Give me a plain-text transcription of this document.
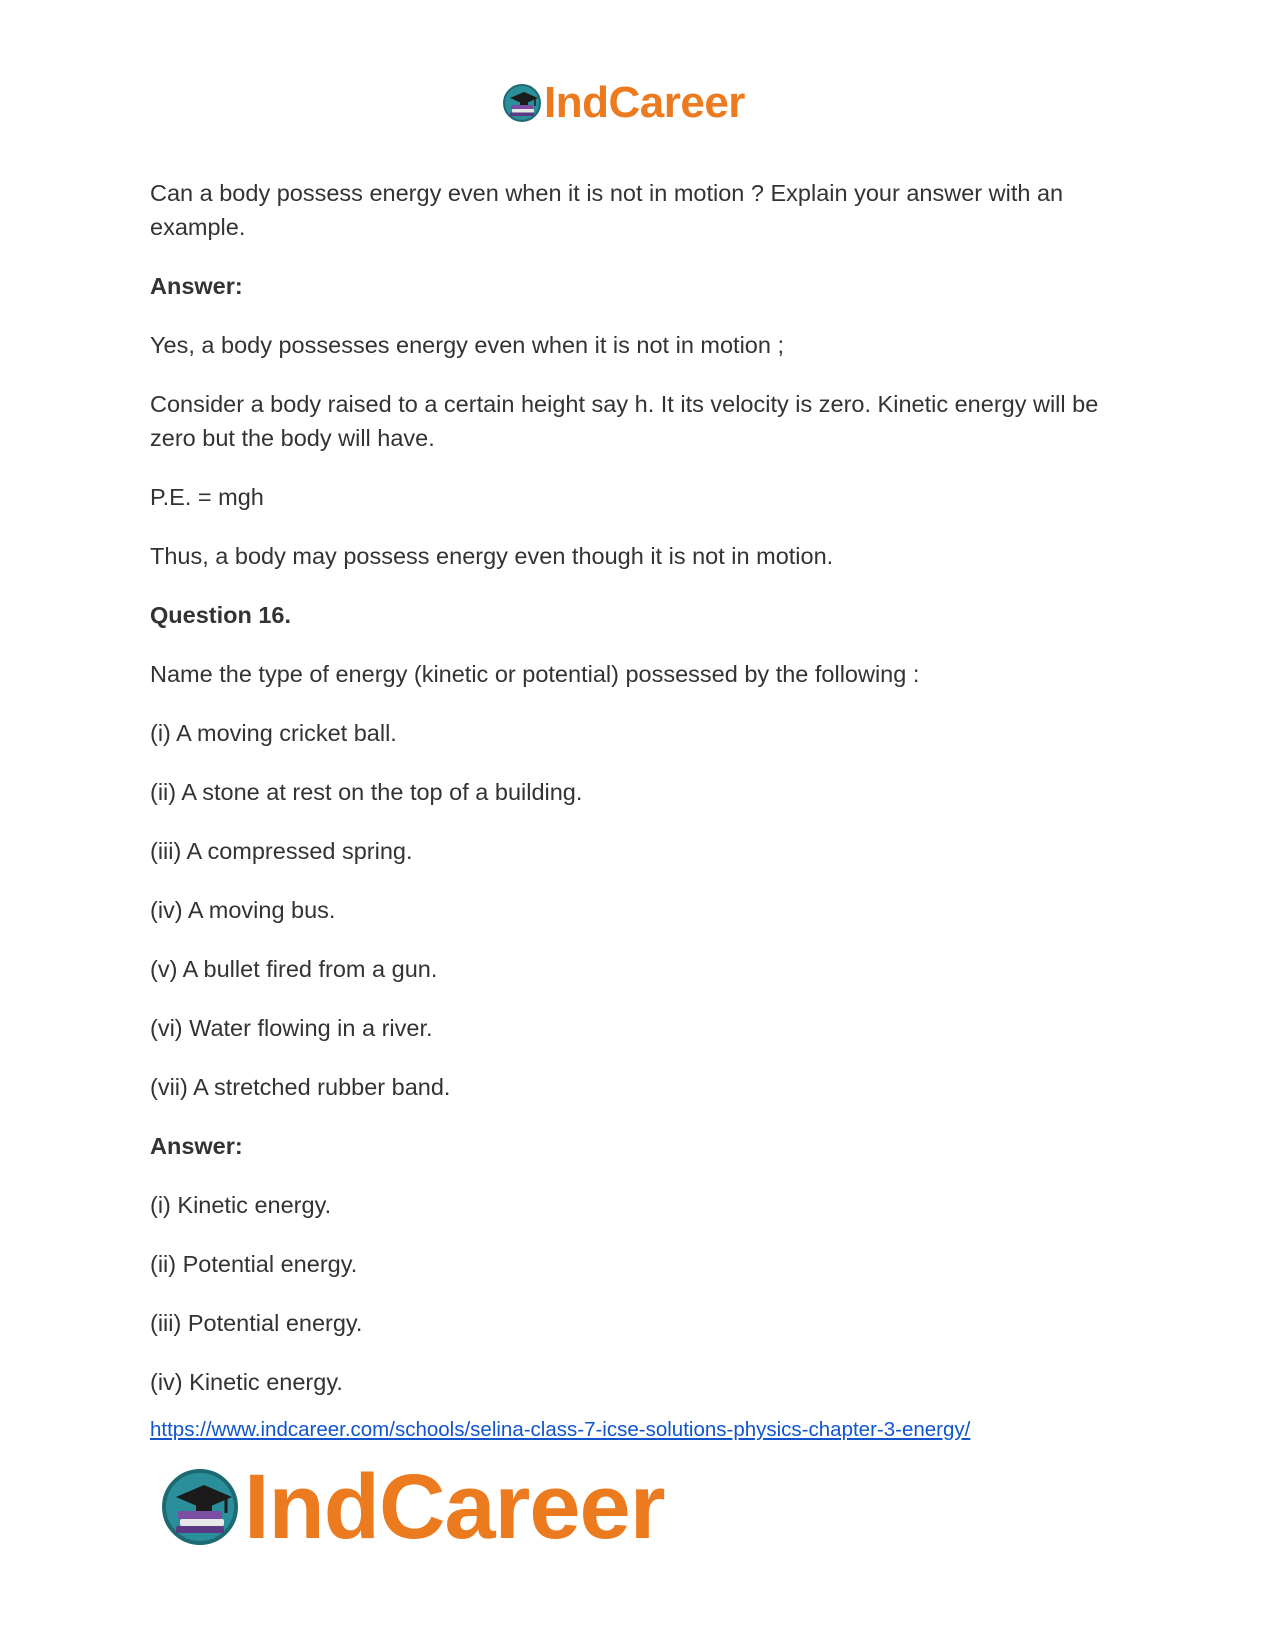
IndCareer

Can a body possess energy even when it is not in motion ? Explain your answer with an example.

Answer:

Yes, a body possesses energy even when it is not in motion ;

Consider a body raised to a certain height say h. It its velocity is zero. Kinetic energy will be zero but the body will have.

P.E. = mgh

Thus, a body may possess energy even though it is not in motion.

Question 16.

Name the type of energy (kinetic or potential) possessed by the following :

(i) A moving cricket ball.

(ii) A stone at rest on the top of a building.

(iii) A compressed spring.

(iv) A moving bus.

(v) A bullet fired from a gun.

(vi) Water flowing in a river.

(vii) A stretched rubber band.

Answer:

(i) Kinetic energy.

(ii) Potential energy.

(iii) Potential energy.

(iv) Kinetic energy.

https://www.indcareer.com/schools/selina-class-7-icse-solutions-physics-chapter-3-energy/
IndCareer
